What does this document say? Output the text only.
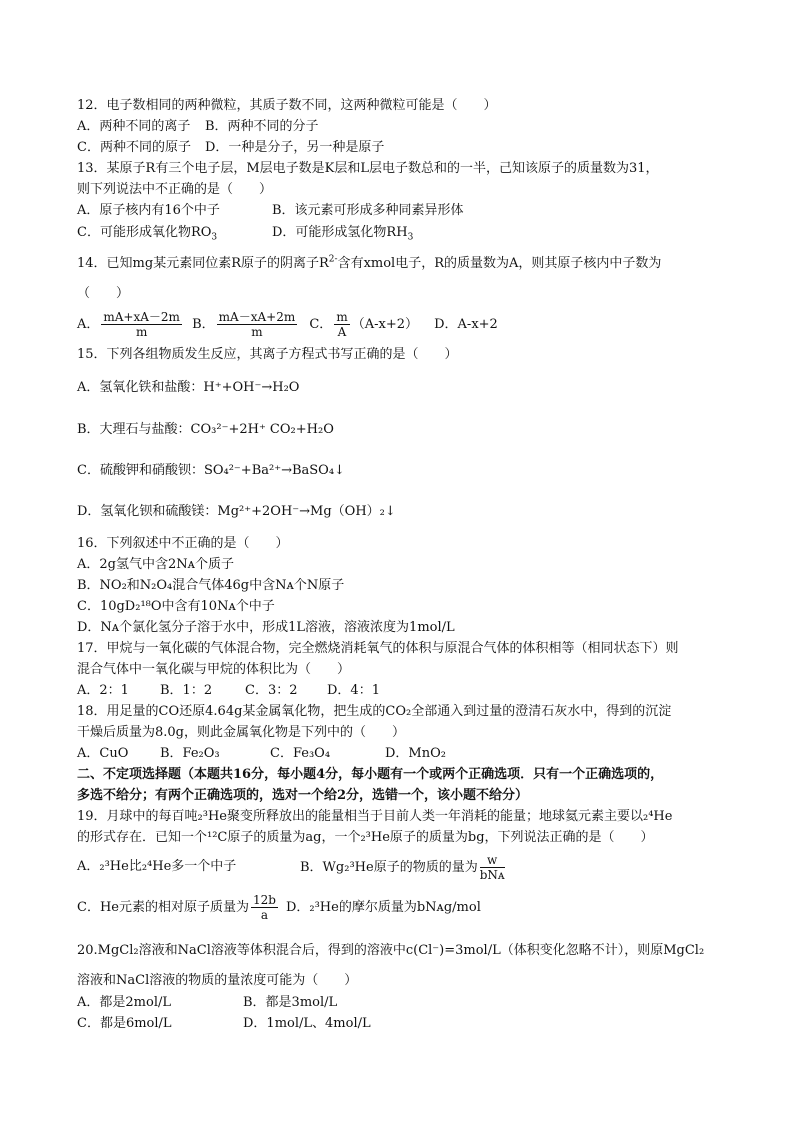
12．电子数相同的两种微粒，其质子数不同，这两种微粒可能是（　　）
A．两种不同的离子 B．两种不同的分子
C．两种不同的原子 D．一种是分子，另一种是原子
13．某原子R有三个电子层，M层电子数是K层和L层电子数总和的一半，己知该原子的质量数为31，
则下列说法中不正确的是（　　）
A．原子核内有16个中子	B．该元素可形成多种同素异形体
C．可能形成氧化物$RO_3$	D．可能形成氢化物$RH_3$
14．已知mg某元素同位素R原子的阴离子$R^{2-}$含有xmol电子，R的质量数为A，则其原子核内中子数为
（　　）
A． $\frac{mA+xA-2m}{m}$ B． $\frac{mA-xA+2m}{m}$ C． $\frac{m}{A} (A-x+2)$ D．A-x+2
15．下列各组物质发生反应，其离子方程式书写正确的是（　　）
A．氢氧化铁和盐酸：H⁺+OH⁻→H₂O
B．大理石与盐酸：CO₃²⁻+2H⁺ CO₂+H₂O
C．硫酸钾和硝酸钡：SO₄²⁻+Ba²⁺→BaSO₄↓
D．氢氧化钡和硫酸镁：Mg²⁺+2OH⁻→Mg（OH）₂↓
16．下列叙述中不正确的是（　　）
A．2g氢气中含2Nᴀ个质子
B．NO₂和N₂O₄混合气体46g中含Nᴀ个N原子
C．10gD₂¹⁸O中含有10Nᴀ个中子
D．Nᴀ个氯化氢分子溶于水中，形成1L溶液，溶液浓度为1mol/L
17．甲烷与一氧化碳的气体混合物，完全燃烧消耗氧气的体积与原混合气体的体积相等（相同状态下）则
混合气体中一氧化碳与甲烷的体积比为（　　）
A．2：1 B．1：2	C．3：2 D．4：1
18．用足量的CO还原4.64g某金属氧化物，把生成的CO₂全部通入到过量的澄清石灰水中，得到的沉淀
干燥后质量为8.0g，则此金属氧化物是下列中的（　　）
A．CuO B．Fe₂O₃	C．Fe₃O₄	D．MnO₂
二、不定项选择题（本题共16分，每小题4分，每小题有一个或两个正确选项．只有一个正确选项的，
多选不给分；有两个正确选项的，选对一个给2分，选错一个，该小题不给分）
19．月球中的每百吨₂³He聚变所释放出的能量相当于目前人类一年消耗的能量；地球氦元素主要以₂⁴He
的形式存在．已知一个¹²C原子的质量为ag，一个₂³He原子的质量为bg，下列说法正确的是（　　）
A．₂³He比₂⁴He多一个中子	B．Wg₂³He原子的物质的量为 $\frac{w}{\text{bNᴀ}}$
C．He元素的相对原子质量为 $\frac{12b}{a}$ D．₂³He的摩尔质量为bNᴀg/mol
20.MgCl₂溶液和NaCl溶液等体积混合后，得到的溶液中c(Cl⁻)=3mol/L（体积变化忽略不计），则原MgCl₂
溶液和NaCl溶液的物质的量浓度可能为（　　）
A．都是2mol/L	B．都是3mol/L
C．都是6mol/L	D．1mol/L、4mol/L
